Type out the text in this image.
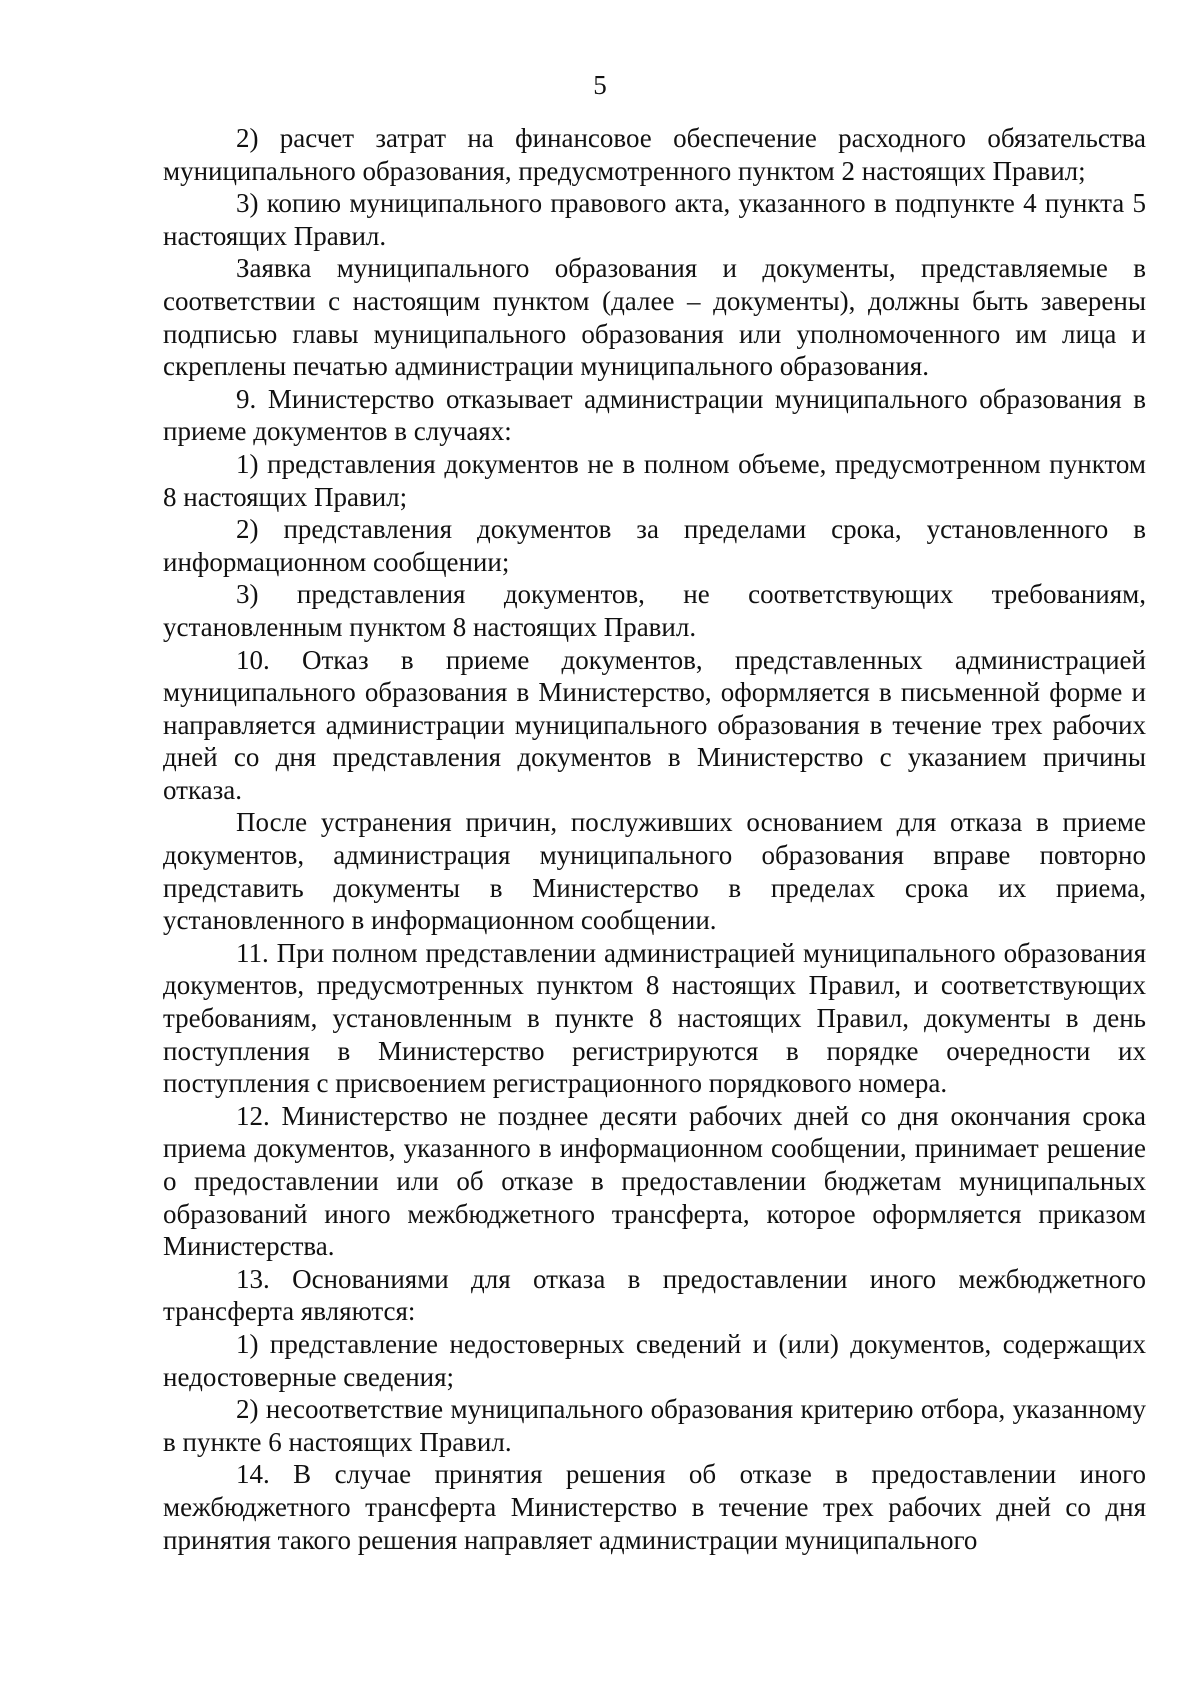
5

2) расчет затрат на финансовое обеспечение расходного обязательства муниципального образования, предусмотренного пунктом 2 настоящих Правил;

3) копию муниципального правового акта, указанного в подпункте 4 пункта 5 настоящих Правил.

Заявка муниципального образования и документы, представляемые в соответствии с настоящим пунктом (далее – документы), должны быть заверены подписью главы муниципального образования или уполномоченного им лица и скреплены печатью администрации муниципального образования.

9. Министерство отказывает администрации муниципального образования в приеме документов в случаях:

1) представления документов не в полном объеме, предусмотренном пунктом 8 настоящих Правил;

2) представления документов за пределами срока, установленного в информационном сообщении;

3) представления документов, не соответствующих требованиям, установленным пунктом 8 настоящих Правил.

10. Отказ в приеме документов, представленных администрацией муниципального образования в Министерство, оформляется в письменной форме и направляется администрации муниципального образования в течение трех рабочих дней со дня представления документов в Министерство с указанием причины отказа.

После устранения причин, послуживших основанием для отказа в приеме документов, администрация муниципального образования вправе повторно представить документы в Министерство в пределах срока их приема, установленного в информационном сообщении.

11. При полном представлении администрацией муниципального образования документов, предусмотренных пунктом 8 настоящих Правил, и соответствующих требованиям, установленным в пункте 8 настоящих Правил, документы в день поступления в Министерство регистрируются в порядке очередности их поступления с присвоением регистрационного порядкового номера.

12. Министерство не позднее десяти рабочих дней со дня окончания срока приема документов, указанного в информационном сообщении, принимает решение о предоставлении или об отказе в предоставлении бюджетам муниципальных образований иного межбюджетного трансферта, которое оформляется приказом Министерства.

13. Основаниями для отказа в предоставлении иного межбюджетного трансферта являются:

1) представление недостоверных сведений и (или) документов, содержащих недостоверные сведения;

2) несоответствие муниципального образования критерию отбора, указанному в пункте 6 настоящих Правил.

14. В случае принятия решения об отказе в предоставлении иного межбюджетного трансферта Министерство в течение трех рабочих дней со дня принятия такого решения направляет администрации муниципального
